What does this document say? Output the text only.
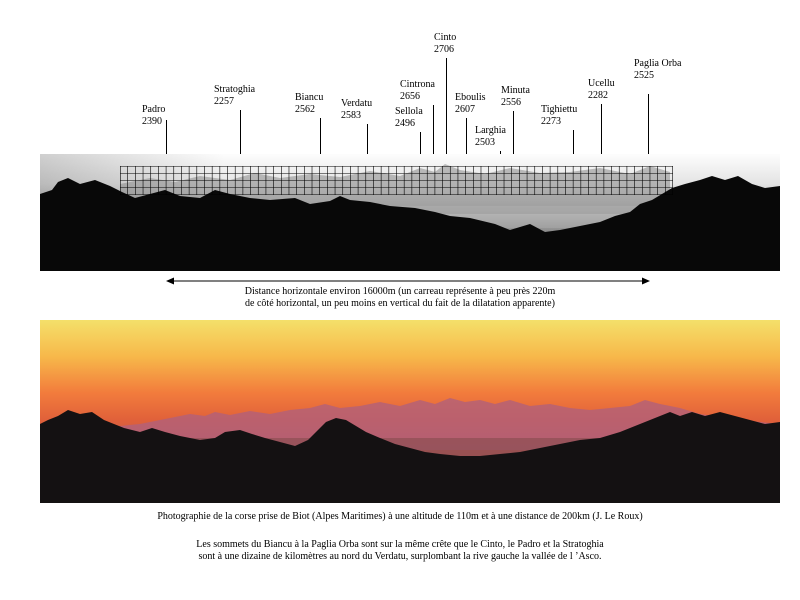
Padro
2390
Stratoghia
2257	Biancu
2562
Verdatu
2583	Sellola
2496
Cintrona
2656
Cinto
2706
Eboulis
2607
Larghia
2503
Minuta
2556
Tighiettu
2273
Ucellu
2282
Paglia Orba
2525
Distance horizontale environ 16000m (un carreau représente à peu près 220m
de côté horizontal, un peu moins en vertical du fait de la dilatation apparente)
Photographie de la corse prise de Biot (Alpes Maritimes) à une altitude de 110m et à une distance de 200km (J. Le Roux)
Les sommets du Biancu à la Paglia Orba sont sur la même crête que le Cinto, le Padro et la Stratoghia
sont à une dizaine de kilomètres au nord du Verdatu, surplombant la rive gauche la vallée de l ’Asco.
